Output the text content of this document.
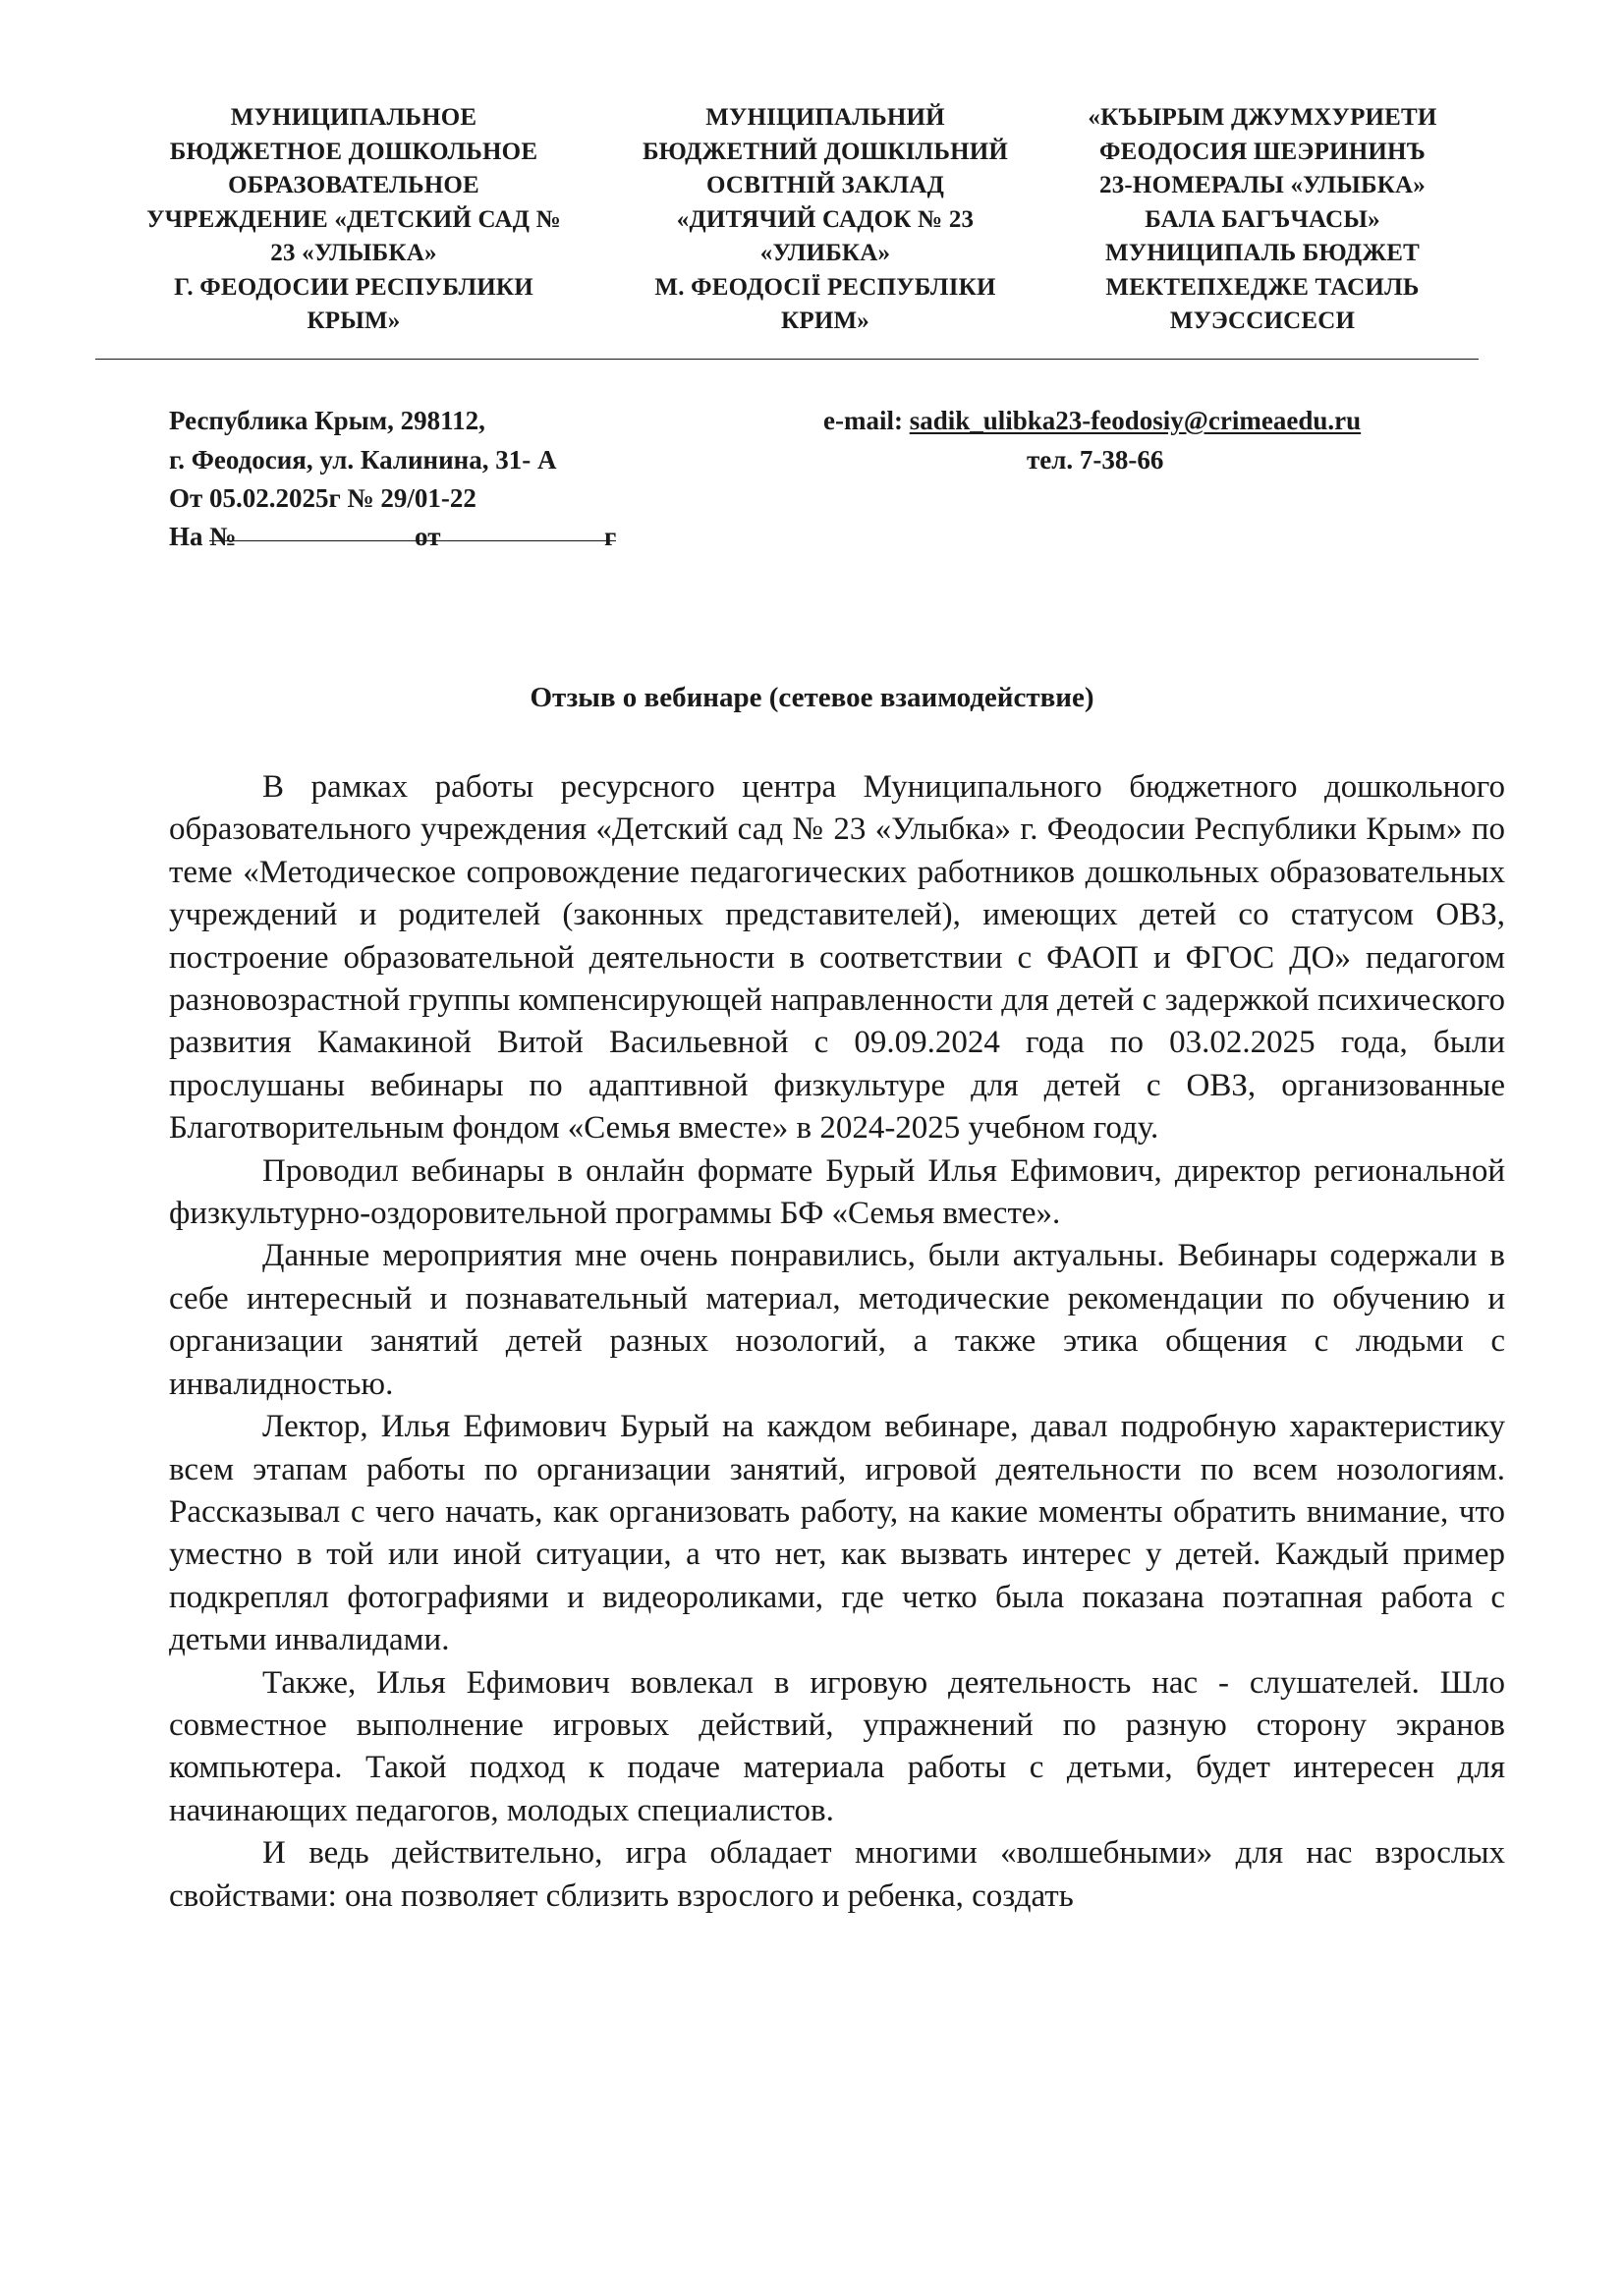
МУНИЦИПАЛЬНОЕ
БЮДЖЕТНОЕ ДОШКОЛЬНОЕ
ОБРАЗОВАТЕЛЬНОЕ
УЧРЕЖДЕНИЕ «ДЕТСКИЙ САД №
23 «УЛЫБКА»
Г. ФЕОДОСИИ РЕСПУБЛИКИ
КРЫМ»
МУНІЦИПАЛЬНИЙ
БЮДЖЕТНИЙ ДОШКІЛЬНИЙ
ОСВІТНІЙ ЗАКЛАД
«ДИТЯЧИЙ САДОК № 23
«УЛИБКА»
М. ФЕОДОСІЇ РЕСПУБЛІКИ
КРИМ»
«КЪЫРЫМ ДЖУМХУРИЕТИ
ФЕОДОСИЯ ШЕЭРИНИНЪ
23-НОМЕРАЛЫ «УЛЫБКА»
БАЛА БАГЪЧАСЫ»
МУНИЦИПАЛЬ БЮДЖЕТ
МЕКТЕПХЕДЖЕ ТАСИЛЬ
МУЭССИСЕСИ
Республика Крым, 298112,
г. Феодосия, ул. Калинина, 31- А
От 05.02.2025г № 29/01-22
На №	от	г
e-mail: sadik_ulibka23-feodosiy@crimeaedu.ru
тел. 7-38-66
Отзыв о вебинаре (сетевое взаимодействие)

В рамках работы ресурсного центра Муниципального бюджетного дошкольного образовательного учреждения «Детский сад № 23 «Улыбка» г. Феодосии Республики Крым» по теме «Методическое сопровождение педагогических работников дошкольных образовательных учреждений и родителей (законных представителей), имеющих детей со статусом ОВЗ, построение образовательной деятельности в соответствии с ФАОП и ФГОС ДО» педагогом разновозрастной группы компенсирующей направленности для детей с задержкой психического развития Камакиной Витой Васильевной с 09.09.2024 года по 03.02.2025 года, были прослушаны вебинары по адаптивной физкультуре для детей с ОВЗ, организованные Благотворительным фондом «Семья вместе» в 2024-2025 учебном году.

Проводил вебинары в онлайн формате Бурый Илья Ефимович, директор региональной физкультурно-оздоровительной программы БФ «Семья вместе».

Данные мероприятия мне очень понравились, были актуальны. Вебинары содержали в себе интересный и познавательный материал, методические рекомендации по обучению и организации занятий детей разных нозологий, а также этика общения с людьми с инвалидностью.

Лектор, Илья Ефимович Бурый на каждом вебинаре, давал подробную характеристику всем этапам работы по организации занятий, игровой деятельности по всем нозологиям. Рассказывал с чего начать, как организовать работу, на какие моменты обратить внимание, что уместно в той или иной ситуации, а что нет, как вызвать интерес у детей. Каждый пример подкреплял фотографиями и видеороликами, где четко была показана поэтапная работа с детьми инвалидами.

Также, Илья Ефимович вовлекал в игровую деятельность нас - слушателей. Шло совместное выполнение игровых действий, упражнений по разную сторону экранов компьютера. Такой подход к подаче материала работы с детьми, будет интересен для начинающих педагогов, молодых специалистов.

И ведь действительно, игра обладает многими «волшебными» для нас взрослых свойствами: она позволяет сблизить взрослого и ребенка, создать
